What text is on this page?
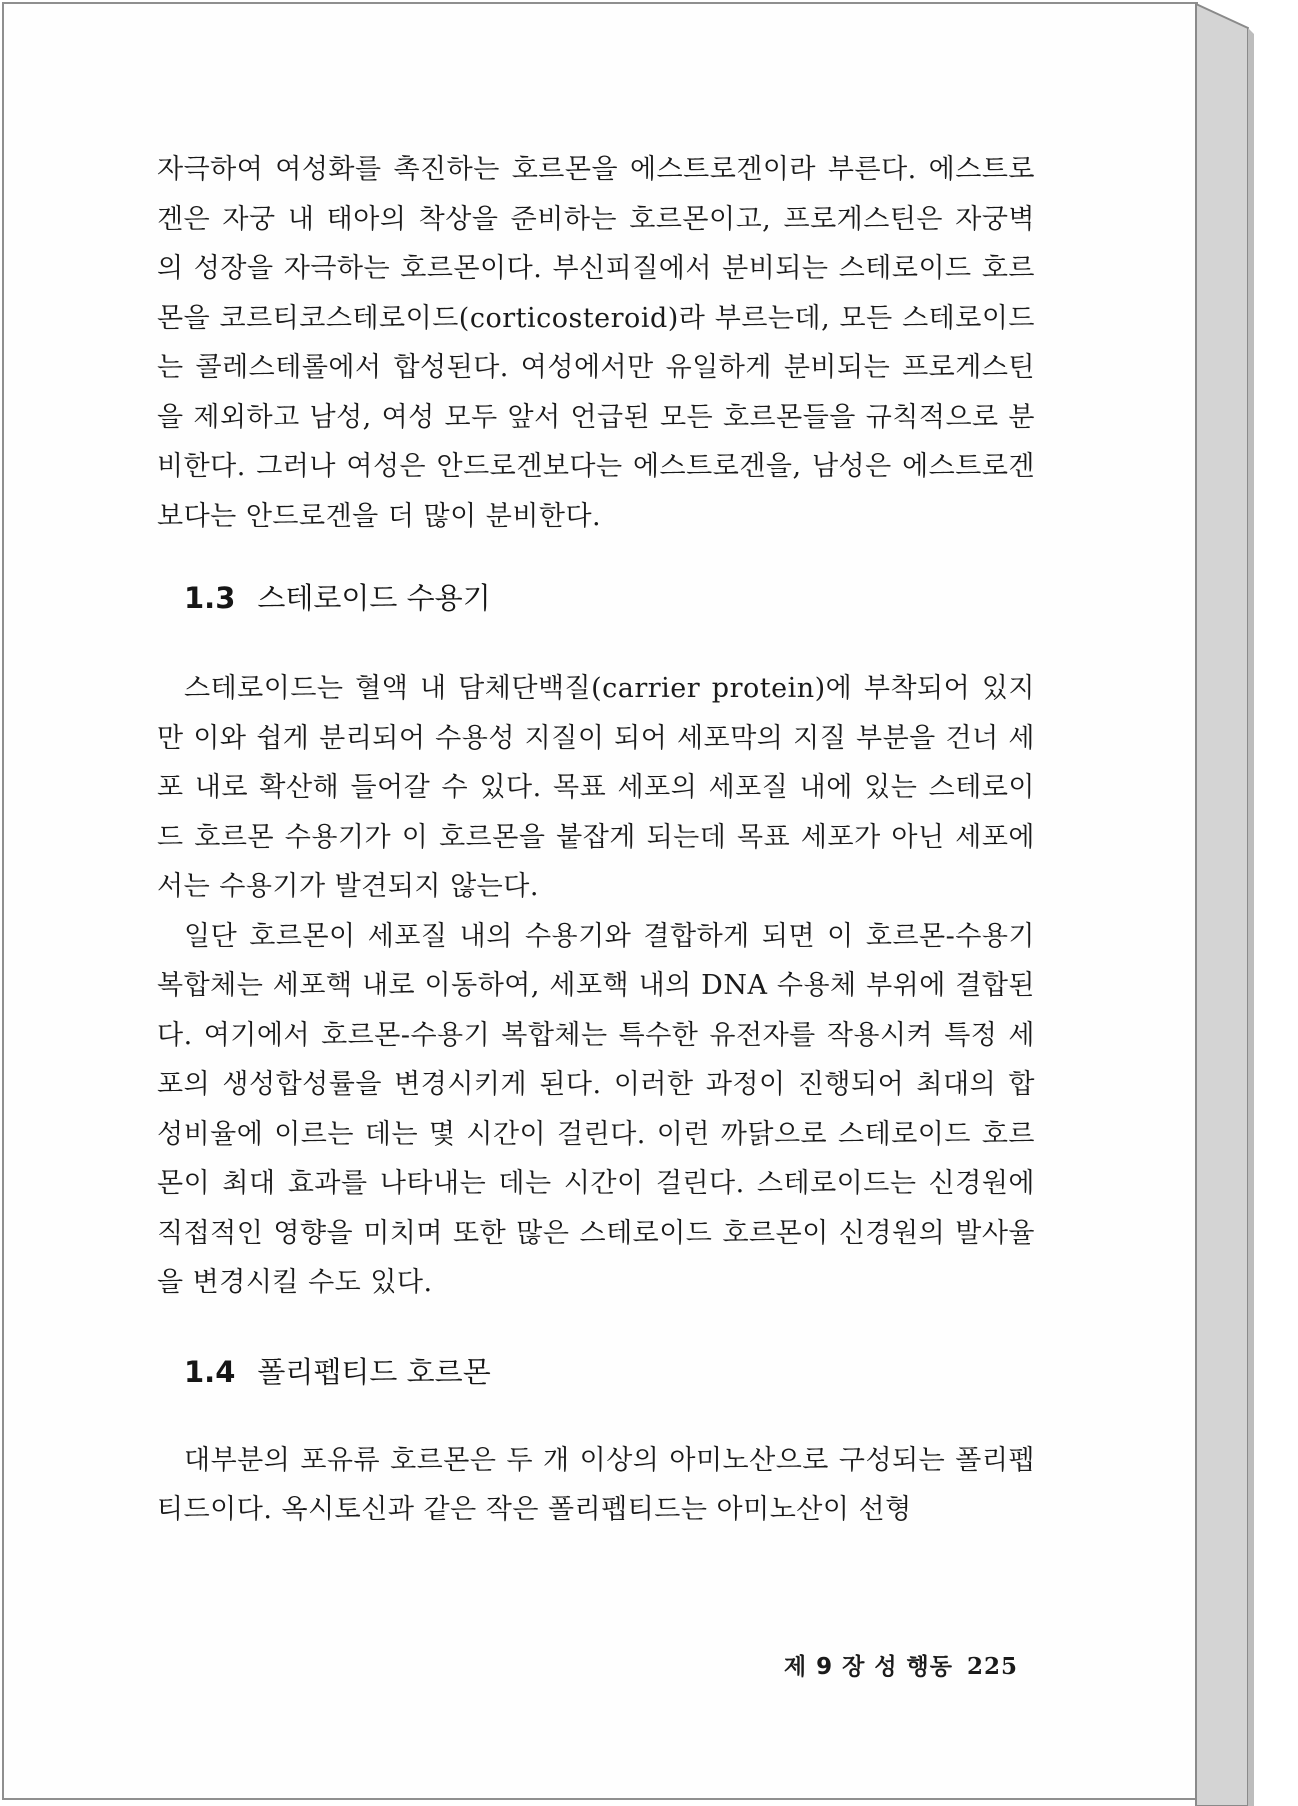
자극하여 여성화를 촉진하는 호르몬을 에스트로겐이라 부른다. 에스트로겐은 자궁 내 태아의 착상을 준비하는 호르몬이고, 프로게스틴은 자궁벽의 성장을 자극하는 호르몬이다. 부신피질에서 분비되는 스테로이드 호르몬을 코르티코스테로이드(corticosteroid)라 부르는데, 모든 스테로이드는 콜레스테롤에서 합성된다. 여성에서만 유일하게 분비되는 프로게스틴을 제외하고 남성, 여성 모두 앞서 언급된 모든 호르몬들을 규칙적으로 분비한다. 그러나 여성은 안드로겐보다는 에스트로겐을, 남성은 에스트로겐보다는 안드로겐을 더 많이 분비한다.

1.3 스테로이드 수용기

스테로이드는 혈액 내 담체단백질(carrier protein)에 부착되어 있지만 이와 쉽게 분리되어 수용성 지질이 되어 세포막의 지질 부분을 건너 세포 내로 확산해 들어갈 수 있다. 목표 세포의 세포질 내에 있는 스테로이드 호르몬 수용기가 이 호르몬을 붙잡게 되는데 목표 세포가 아닌 세포에서는 수용기가 발견되지 않는다.

일단 호르몬이 세포질 내의 수용기와 결합하게 되면 이 호르몬-수용기 복합체는 세포핵 내로 이동하여, 세포핵 내의 DNA 수용체 부위에 결합된다. 여기에서 호르몬-수용기 복합체는 특수한 유전자를 작용시켜 특정 세포의 생성합성률을 변경시키게 된다. 이러한 과정이 진행되어 최대의 합성비율에 이르는 데는 몇 시간이 걸린다. 이런 까닭으로 스테로이드 호르몬이 최대 효과를 나타내는 데는 시간이 걸린다. 스테로이드는 신경원에 직접적인 영향을 미치며 또한 많은 스테로이드 호르몬이 신경원의 발사율을 변경시킬 수도 있다.

1.4 폴리펩티드 호르몬

대부분의 포유류 호르몬은 두 개 이상의 아미노산으로 구성되는 폴리펩티드이다. 옥시토신과 같은 작은 폴리펩티드는 아미노산이 선형

제 9 장 성 행동 225
